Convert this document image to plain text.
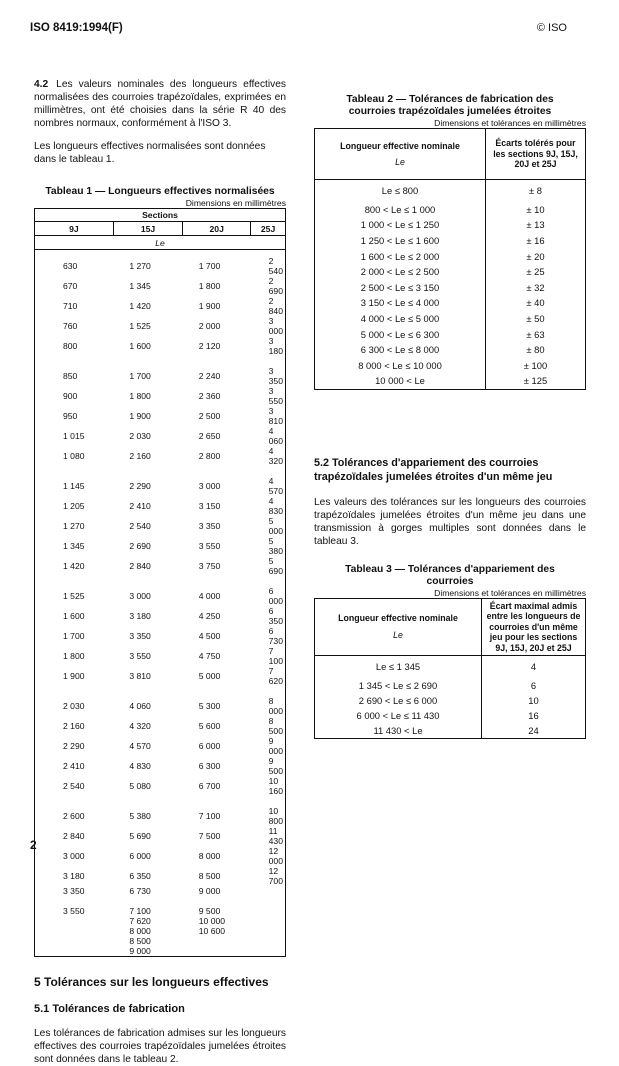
ISO 8419:1994(F)	© ISO

4.2 Les valeurs nominales des longueurs effectives normalisées des courroies trapézoïdales, exprimées en millimètres, ont été choisies dans la série R 40 des nombres normaux, conformément à l'ISO 3.

Les longueurs effectives normalisées sont données dans le tableau 1.

Tableau 1 — Longueurs effectives normalisées
Dimensions en millimètres
Sections			
9J	15J	20J	25J
Le			
630	1 270	1 700	2 540
670	1 345	1 800	2 690
710	1 420	1 900	2 840
760	1 525	2 000	3 000
800	1 600	2 120	3 180
850	1 700	2 240	3 350
900	1 800	2 360	3 550
950	1 900	2 500	3 810
1 015	2 030	2 650	4 060
1 080	2 160	2 800	4 320
1 145	2 290	3 000	4 570
1 205	2 410	3 150	4 830
1 270	2 540	3 350	5 000
1 345	2 690	3 550	5 380
1 420	2 840	3 750	5 690
1 525	3 000	4 000	6 000
1 600	3 180	4 250	6 350
1 700	3 350	4 500	6 730
1 800	3 550	4 750	7 100
1 900	3 810	5 000	7 620
2 030	4 060	5 300	8 000
2 160	4 320	5 600	8 500
2 290	4 570	6 000	9 000
2 410	4 830	6 300	9 500
2 540	5 080	6 700	10 160
2 600	5 380	7 100	10 800
2 840	5 690	7 500	11 430
3 000	6 000	8 000	12 000
3 180	6 350	8 500	12 700
3 350	6 730	9 000	
3 550	7 100	9 500	
	7 620	10 000	
	8 000	10 600	
	8 500		
	9 000		
5 Tolérances sur les longueurs effectives
5.1 Tolérances de fabrication

Les tolérances de fabrication admises sur les longueurs effectives des courroies trapézoïdales jumelées étroites sont données dans le tableau 2.

Tableau 2 — Tolérances de fabrication des
courroies trapézoïdales jumelées étroites
Dimensions et tolérances en millimètres
Longueur effective nominale
Le	Écarts tolérés pour les sections 9J, 15J, 20J et 25J
Le ≤ 800	± 8
800 < Le ≤ 1 000	± 10
1 000 < Le ≤ 1 250	± 13
1 250 < Le ≤ 1 600	± 16
1 600 < Le ≤ 2 000	± 20
2 000 < Le ≤ 2 500	± 25
2 500 < Le ≤ 3 150	± 32
3 150 < Le ≤ 4 000	± 40
4 000 < Le ≤ 5 000	± 50
5 000 < Le ≤ 6 300	± 63
6 300 < Le ≤ 8 000	± 80
8 000 < Le ≤ 10 000	± 100
10 000 < Le	± 125
5.2 Tolérances d'appariement des courroies trapézoïdales jumelées étroites d'un même jeu

Les valeurs des tolérances sur les longueurs des courroies trapézoïdales jumelées étroites d'un même jeu dans une transmission à gorges multiples sont données dans le tableau 3.

Tableau 3 — Tolérances d'appariement des
courroies
Dimensions et tolérances en millimètres
Longueur effective nominale
Le	Écart maximal admis entre les longueurs de courroies d'un même jeu pour les sections 9J, 15J, 20J et 25J
Le ≤ 1 345	4
1 345 < Le ≤ 2 690	6
2 690 < Le ≤ 6 000	10
6 000 < Le ≤ 11 430	16
11 430 < Le	24
2
